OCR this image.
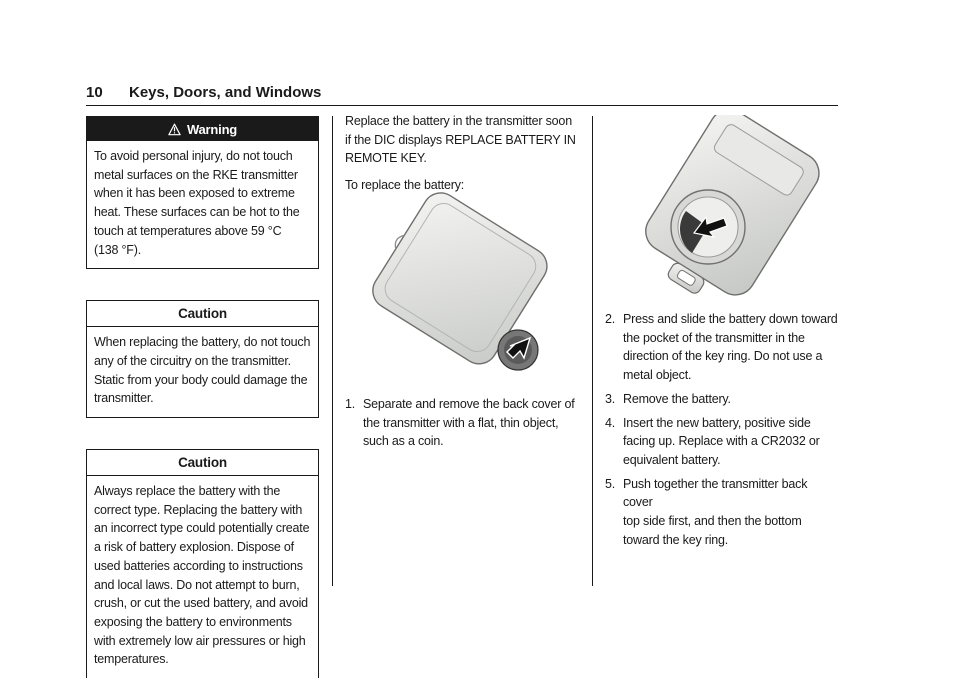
10 Keys, Doors, and Windows
Warning
To avoid personal injury, do not touch
metal surfaces on the RKE transmitter
when it has been exposed to extreme
heat. These surfaces can be hot to the
touch at temperatures above 59 °C
(138 °F).
Caution
When replacing the battery, do not touch
any of the circuitry on the transmitter.
Static from your body could damage the
transmitter.
Caution
Always replace the battery with the
correct type. Replacing the battery with
an incorrect type could potentially create
a risk of battery explosion. Dispose of
used batteries according to instructions
and local laws. Do not attempt to burn,
crush, or cut the used battery, and avoid
exposing the battery to environments
with extremely low air pressures or high
temperatures.

Replace the battery in the transmitter soon
if the DIC displays REPLACE BATTERY IN
REMOTE KEY.

To replace the battery:

1. Separate and remove the back cover of
the transmitter with a flat, thin object,
such as a coin.
2. Press and slide the battery down toward
the pocket of the transmitter in the
direction of the key ring. Do not use a
metal object.
3. Remove the battery.
4. Insert the new battery, positive side
facing up. Replace with a CR2032 or
equivalent battery.
5. Push together the transmitter back cover
top side first, and then the bottom
toward the key ring.
